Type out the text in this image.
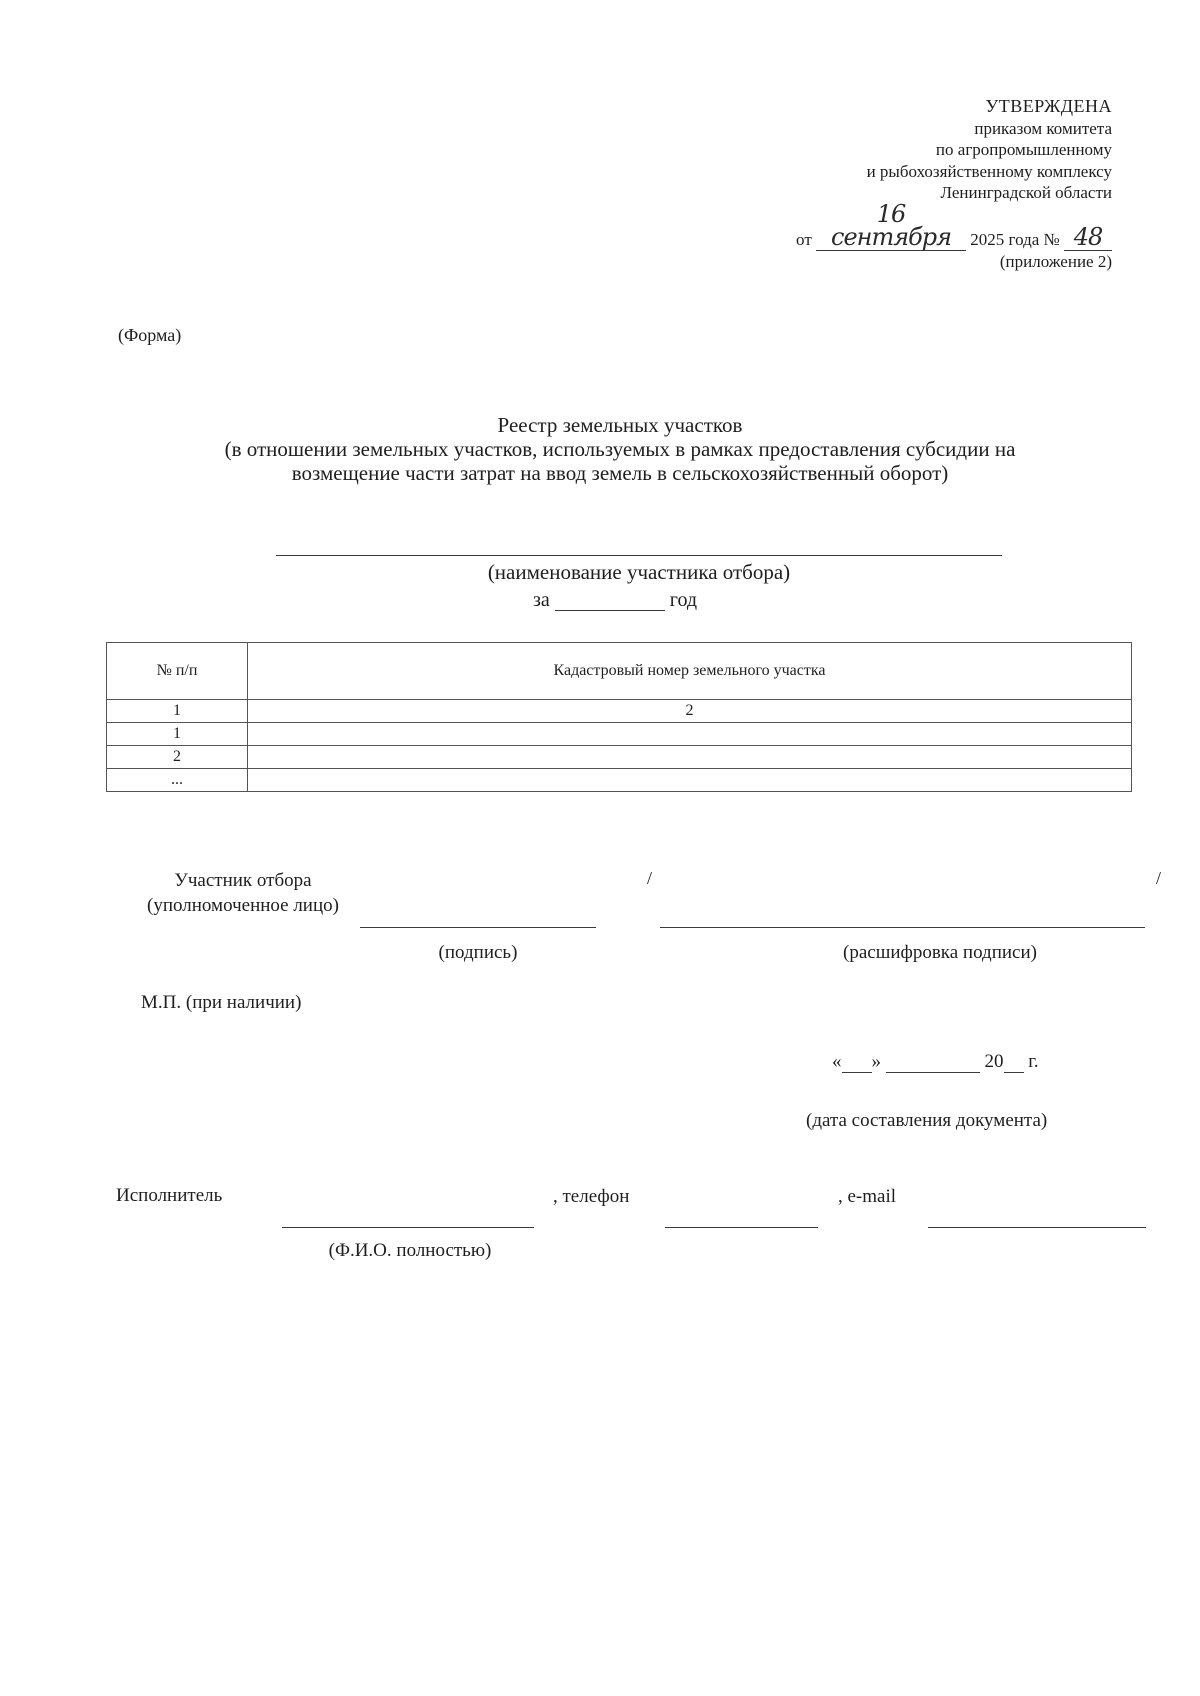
УТВЕРЖДЕНА
приказом комитета
по агропромышленному
и рыбохозяйственному комплексу
Ленинградской области
от 16 сентября 2025 года № 48
(приложение 2)
(Форма)
Реестр земельных участков
(в отношении земельных участков, используемых в рамках предоставления субсидии на
возмещение части затрат на ввод земель в сельскохозяйственный оборот)
(наименование участника отбора)
за	год
№ п/п	Кадастровый номер земельного участка
1	2
1	
2	
...	
Участник отбора
(уполномоченное лицо)
/	/
(подпись)	(расшифровка подписи)
М.П. (при наличии)
« »	20 г.
(дата составления документа)
Исполнитель	, телефон	, e-mail
(Ф.И.О. полностью)
